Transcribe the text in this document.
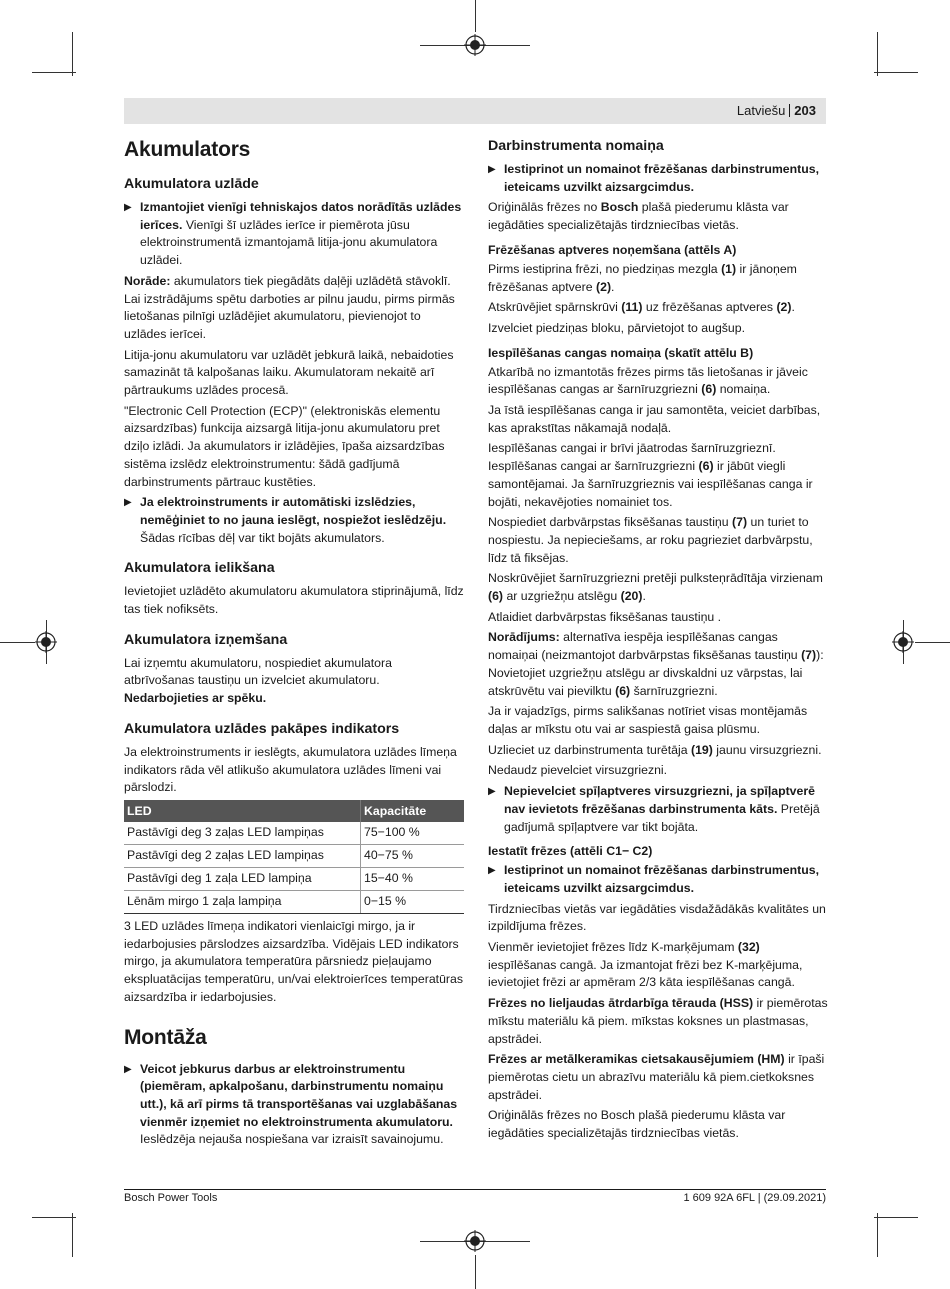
Latviešu 203
Akumulators
Akumulatora uzlāde
▶ Izmantojiet vienīgi tehniskajos datos norādītās uzlādes ierīces. Vienīgi šī uzlādes ierīce ir piemērota jūsu elektroinstrumentā izmantojamā litija-jonu akumulatora uzlādei.
Norāde: akumulators tiek piegādāts daļēji uzlādētā stāvoklī. Lai izstrādājums spētu darboties ar pilnu jaudu, pirms pirmās lietošanas pilnīgi uzlādējiet akumulatoru, pievienojot to uzlādes ierīcei.
Litija-jonu akumulatoru var uzlādēt jebkurā laikā, nebaidoties samazināt tā kalpošanas laiku. Akumulatoram nekaitē arī pārtraukums uzlādes procesā.
"Electronic Cell Protection (ECP)" (elektroniskās elementu aizsardzības) funkcija aizsargā litija-jonu akumulatoru pret dziļo izlādi. Ja akumulators ir izlādējies, īpaša aizsardzības sistēma izslēdz elektroinstrumentu: šādā gadījumā darbinstruments pārtrauc kustēties.
▶ Ja elektroinstruments ir automātiski izslēdzies, nemēģiniet to no jauna ieslēgt, nospiežot ieslēdzēju. Šādas rīcības dēļ var tikt bojāts akumulators.
Akumulatora ielikšana
Ievietojiet uzlādēto akumulatoru akumulatora stiprinājumā, līdz tas tiek nofiksēts.
Akumulatora izņemšana
Lai izņemtu akumulatoru, nospiediet akumulatora atbrīvošanas taustiņu un izvelciet akumulatoru.
Nedarbojieties ar spēku.
Akumulatora uzlādes pakāpes indikators
Ja elektroinstruments ir ieslēgts, akumulatora uzlādes līmeņa indikators rāda vēl atlikušo akumulatora uzlādes līmeni vai pārslodzi.
LED	Kapacitāte
Pastāvīgi deg 3 zaļas LED lampiņas	75−100 %
Pastāvīgi deg 2 zaļas LED lampiņas	40−75 %
Pastāvīgi deg 1 zaļa LED lampiņa	15−40 %
Lēnām mirgo 1 zaļa lampiņa	0−15 %
3 LED uzlādes līmeņa indikatori vienlaicīgi mirgo, ja ir iedarbojusies pārslodzes aizsardzība. Vidējais LED indikators mirgo, ja akumulatora temperatūra pārsniedz pieļaujamo ekspluatācijas temperatūru, un/vai elektroierīces temperatūras aizsardzība ir iedarbojusies.
Montāža
▶ Veicot jebkurus darbus ar elektroinstrumentu (piemēram, apkalpošanu, darbinstrumentu nomaiņu utt.), kā arī pirms tā transportēšanas vai uzglabāšanas vienmēr izņemiet no elektroinstrumenta akumulatoru. Ieslēdzēja nejauša nospiešana var izraisīt savainojumu.
Darbinstrumenta nomaiņa
▶ Iestiprinot un nomainot frēzēšanas darbinstrumentus, ieteicams uzvilkt aizsargcimdus.
Oriģinālās frēzes no Bosch plašā piederumu klāsta var iegādāties specializētajās tirdzniecības vietās.
Frēzēšanas aptveres noņemšana (attēls A)
Pirms iestiprina frēzi, no piedziņas mezgla (1) ir jānoņem frēzēšanas aptvere (2).
Atskrūvējiet spārnskrūvi (11) uz frēzēšanas aptveres (2).
Izvelciet piedziņas bloku, pārvietojot to augšup.
Iespīlēšanas cangas nomaiņa (skatīt attēlu B)
Atkarībā no izmantotās frēzes pirms tās lietošanas ir jāveic iespīlēšanas cangas ar šarnīruzgriezni (6) nomaiņa.
Ja īstā iespīlēšanas canga ir jau samontēta, veiciet darbības, kas aprakstītas nākamajā nodaļā.
Iespīlēšanas cangai ir brīvi jāatrodas šarnīruzgrieznī. Iespīlēšanas cangai ar šarnīruzgriezni (6) ir jābūt viegli samontējamai. Ja šarnīruzgrieznis vai iespīlēšanas canga ir bojāti, nekavējoties nomainiet tos.
Nospiediet darbvārpstas fiksēšanas taustiņu (7) un turiet to nospiestu. Ja nepieciešams, ar roku pagrieziet darbvārpstu, līdz tā fiksējas.
Noskrūvējiet šarnīruzgriezni pretēji pulksteņrādītāja virzienam (6) ar uzgriežņu atslēgu (20).
Atlaidiet darbvārpstas fiksēšanas taustiņu .
Norādījums: alternatīva iespēja iespīlēšanas cangas nomaiņai (neizmantojot darbvārpstas fiksēšanas taustiņu (7)): Novietojiet uzgriežņu atslēgu ar divskaldni uz vārpstas, lai atskrūvētu vai pievilktu (6) šarnīruzgriezni.
Ja ir vajadzīgs, pirms salikšanas notīriet visas montējamās daļas ar mīkstu otu vai ar saspiestā gaisa plūsmu.
Uzlieciet uz darbinstrumenta turētāja (19) jaunu virsuzgriezni.
Nedaudz pievelciet virsuzgriezni.
▶ Nepievelciet spīļaptveres virsuzgriezni, ja spīļaptverē nav ievietots frēzēšanas darbinstrumenta kāts. Pretējā gadījumā spīļaptvere var tikt bojāta.
Iestatīt frēzes (attēli C1− C2)
▶ Iestiprinot un nomainot frēzēšanas darbinstrumentus, ieteicams uzvilkt aizsargcimdus.
Tirdzniecības vietās var iegādāties visdažādākās kvalitātes un izpildījuma frēzes.
Vienmēr ievietojiet frēzes līdz K-marķējumam (32) iespīlēšanas cangā. Ja izmantojat frēzi bez K-marķējuma, ievietojiet frēzi ar apmēram 2/3 kāta iespīlēšanas cangā.
Frēzes no lieljaudas ātrdarbīga tērauda (HSS) ir piemērotas mīkstu materiālu kā piem. mīkstas koksnes un plastmasas, apstrādei.
Frēzes ar metālkeramikas cietsakausējumiem (HM) ir īpaši piemērotas cietu un abrazīvu materiālu kā piem.cietkoksnes apstrādei.
Oriģinālās frēzes no Bosch plašā piederumu klāsta var iegādāties specializētajās tirdzniecības vietās.
Bosch Power Tools	1 609 92A 6FL | (29.09.2021)
